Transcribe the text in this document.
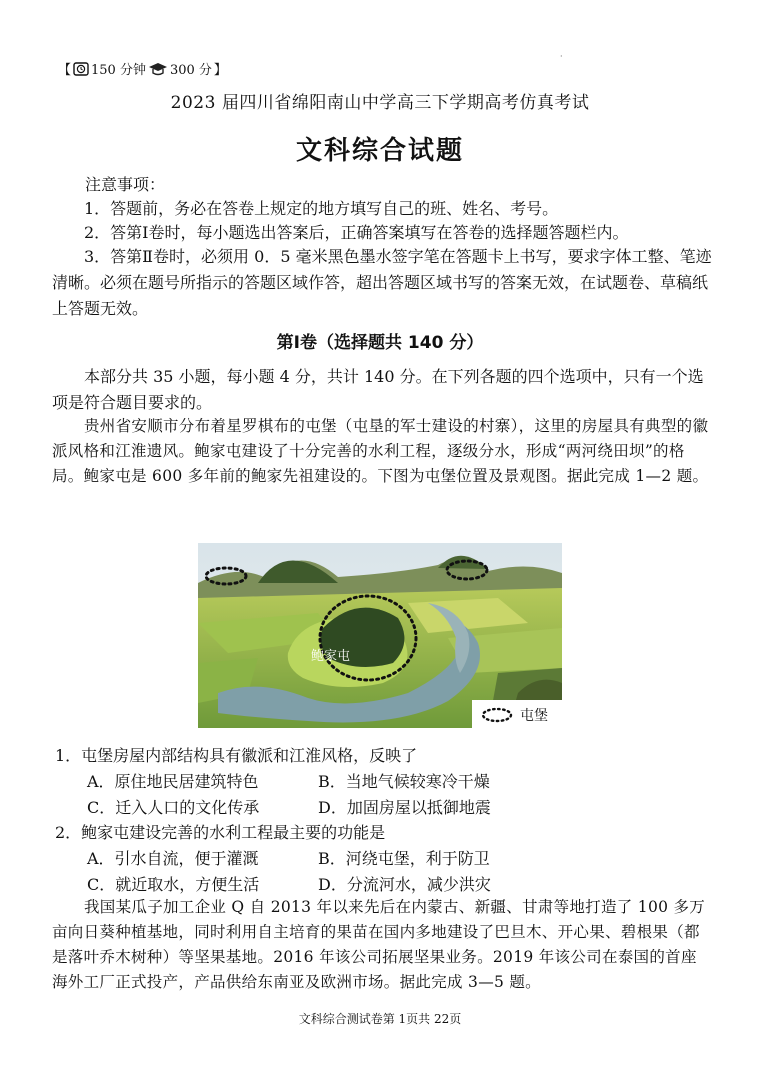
·
【 150 分钟 300 分 】
2023 届四川省绵阳南山中学高三下学期高考仿真考试
文科综合试题
注意事项：
1．答题前，务必在答卷上规定的地方填写自己的班、姓名、考号。
2．答第Ⅰ卷时，每小题选出答案后，正确答案填写在答卷的选择题答题栏内。
3．答第Ⅱ卷时，必须用 0．5 毫米黑色墨水签字笔在答题卡上书写，要求字体工整、笔迹清晰。必须在题号所指示的答题区域作答，超出答题区域书写的答案无效，在试题卷、草稿纸上答题无效。
第Ⅰ卷（选择题共 140 分）
本部分共 35 小题，每小题 4 分，共计 140 分。在下列各题的四个选项中，只有一个选项是符合题目要求的。
贵州省安顺市分布着星罗棋布的屯堡（屯垦的军士建设的村寨），这里的房屋具有典型的徽派风格和江淮遗风。鲍家屯建设了十分完善的水利工程，逐级分水，形成“两河绕田坝”的格局。鲍家屯是 600 多年前的鲍家先祖建设的。下图为屯堡位置及景观图。据此完成 1—2 题。
鲍家屯
屯堡
1．屯堡房屋内部结构具有徽派和江淮风格，反映了
A．原住地民居建筑特色	B．当地气候较寒冷干燥
C．迁入人口的文化传承	D．加固房屋以抵御地震
2．鲍家屯建设完善的水利工程最主要的功能是
A．引水自流，便于灌溉	B．河绕屯堡，利于防卫
C．就近取水，方便生活	D．分流河水，减少洪灾
我国某瓜子加工企业 Q 自 2013 年以来先后在内蒙古、新疆、甘肃等地打造了 100 多万亩向日葵种植基地，同时利用自主培育的果苗在国内多地建设了巴旦木、开心果、碧根果（都是落叶乔木树种）等坚果基地。2016 年该公司拓展坚果业务。2019 年该公司在泰国的首座海外工厂正式投产，产品供给东南亚及欧洲市场。据此完成 3—5 题。
文科综合测试卷第 1页共 22页
